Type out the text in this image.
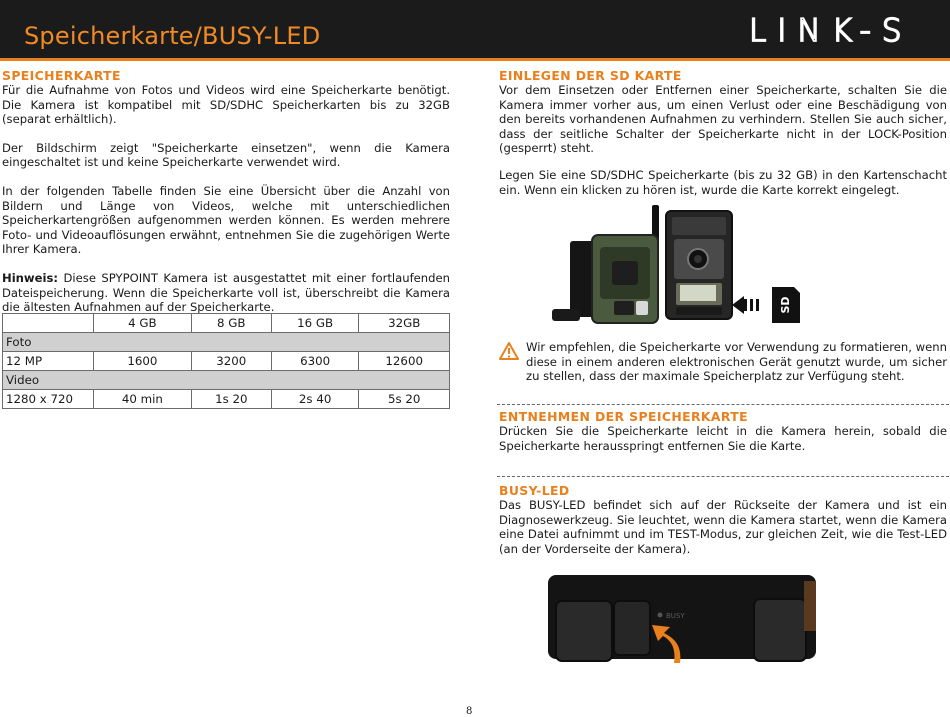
Speicherkarte/BUSY-LED	LINK-S
SPEICHERKARTE

Für die Aufnahme von Fotos und Videos wird eine Speicherkarte benötigt. Die Kamera ist kompatibel mit SD/SDHC Speicherkarten bis zu 32GB (separat erhältlich).

Der Bildschirm zeigt "Speicherkarte einsetzen", wenn die Kamera eingeschaltet ist und keine Speicherkarte verwendet wird.

In der folgenden Tabelle finden Sie eine Übersicht über die Anzahl von Bildern und Länge von Videos, welche mit unterschiedlichen Speicherkartengrößen aufgenommen werden können. Es werden mehrere Foto- und Videoauflösungen erwähnt, entnehmen Sie die zugehörigen Werte Ihrer Kamera.

Hinweis: Diese SPYPOINT Kamera ist ausgestattet mit einer fortlaufenden Dateispeicherung. Wenn die Speicherkarte voll ist, überschreibt die Kamera die ältesten Aufnahmen auf der Speicherkarte.

	4 GB	8 GB	16 GB	32GB
Foto				
12 MP	1600	3200	6300	12600
Video				
1280 x 720	40 min	1s 20	2s 40	5s 20
EINLEGEN DER SD KARTE

Vor dem Einsetzen oder Entfernen einer Speicherkarte, schalten Sie die Kamera immer vorher aus, um einen Verlust oder eine Beschädigung von den bereits vorhandenen Aufnahmen zu verhindern. Stellen Sie auch sicher, dass der seitliche Schalter der Speicherkarte nicht in der LOCK-Position (gesperrt) steht.

Legen Sie eine SD/SDHC Speicherkarte (bis zu 32 GB) in den Kartenschacht ein. Wenn ein klicken zu hören ist, wurde die Karte korrekt eingelegt.

SD

Wir empfehlen, die Speicherkarte vor Verwendung zu formatieren, wenn diese in einem anderen elektronischen Gerät genutzt wurde, um sicher zu stellen, dass der maximale Speicherplatz zur Verfügung steht.

ENTNEHMEN DER SPEICHERKARTE

Drücken Sie die Speicherkarte leicht in die Kamera herein, sobald die Speicherkarte herausspringt entfernen Sie die Karte.

BUSY-LED

Das BUSY-LED befindet sich auf der Rückseite der Kamera und ist ein Diagnosewerkzeug. Sie leuchtet, wenn die Kamera startet, wenn die Kamera eine Datei aufnimmt und im TEST-Modus, zur gleichen Zeit, wie die Test-LED (an der Vorderseite der Kamera).

BUSY
8
